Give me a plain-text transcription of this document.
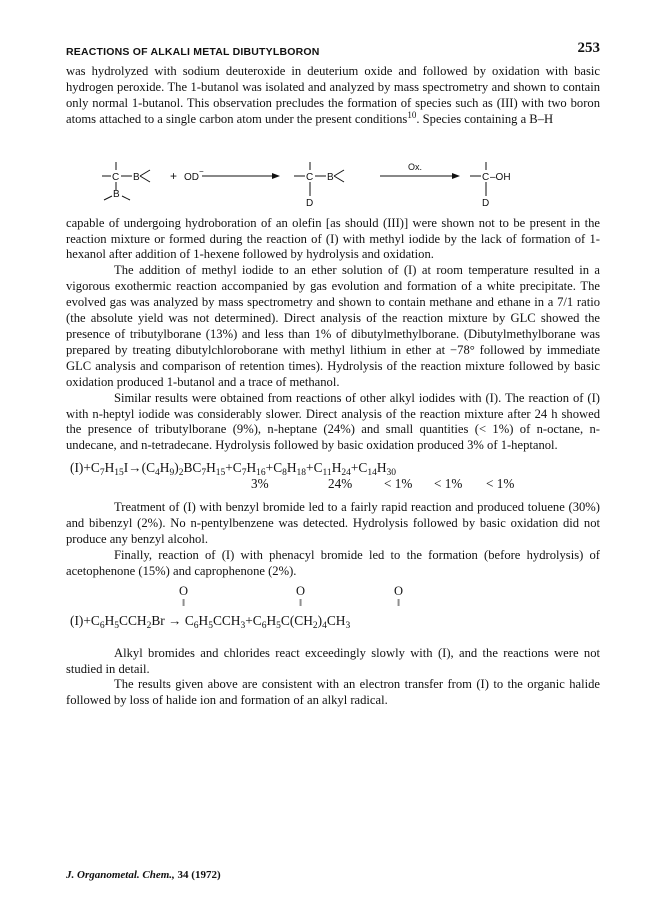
REACTIONS OF ALKALI METAL DIBUTYLBORON	253

was hydrolyzed with sodium deuteroxide in deuterium oxide and followed by oxidation with basic hydrogen peroxide. The 1-butanol was isolated and analyzed by mass spectrometry and shown to contain only normal 1-butanol. This observation precludes the formation of species such as (III) with two boron atoms attached to a single carbon atom under the present conditions$^{10}$. Species containing a B–H

C B
B
+ OD
−
C B
D
Ox.
C –OH
D

capable of undergoing hydroboration of an olefin [as should (III)] were shown not to be present in the reaction mixture or formed during the reaction of (I) with methyl iodide by the lack of formation of 1-hexanol after addition of 1-hexene followed by hydrolysis and oxidation.

The addition of methyl iodide to an ether solution of (I) at room temperature resulted in a vigorous exothermic reaction accompanied by gas evolution and formation of a white precipitate. The evolved gas was analyzed by mass spectrometry and shown to contain methane and ethane in a 7/1 ratio (the absolute yield was not determined). Direct analysis of the reaction mixture by GLC showed the presence of tributylborane (13%) and less than 1% of dibutylmethylborane. (Dibutylmethylborane was prepared by treating dibutylchloroborane with methyl lithium in ether at −78° followed by immediate GLC analysis and comparison of retention times). Hydrolysis of the reaction mixture followed by basic oxidation produced 1-butanol and a trace of methanol.

Similar results were obtained from reactions of other alkyl iodides with (I). The reaction of (I) with n-heptyl iodide was considerably slower. Direct analysis of the reaction mixture after 24 h showed the presence of tributylborane (9%), n-heptane (24%) and small quantities (< 1%) of n-octane, n-undecane, and n-tetradecane. Hydrolysis followed by basic oxidation produced 3% of 1-heptanol.

$(I)+C_7H_{15}I\to(C_4H_9)_2BC_7H_{15}+C_7H_{16}+C_8H_{18}+C_{11}H_{24}+C_{14}H_{30}$
3%	24% < 1% < 1% < 1%

Treatment of (I) with benzyl bromide led to a fairly rapid reaction and produced toluene (30%) and bibenzyl (2%). No n-pentylbenzene was detected. Hydrolysis followed by basic oxidation did not produce any benzyl alcohol.

Finally, reaction of (I) with phenacyl bromide led to the formation (before hydrolysis) of acetophenone (15%) and caprophenone (2%).

O
‖
O
‖
O
‖
$(I)+C_6H_5CCH_2Br \to C_6H_5CCH_3+C_6H_5C(CH_2)_4CH_3$

Alkyl bromides and chlorides react exceedingly slowly with (I), and the reactions were not studied in detail.

The results given above are consistent with an electron transfer from (I) to the organic halide followed by loss of halide ion and formation of an alkyl radical.

J. Organometal. Chem., 34 (1972)
